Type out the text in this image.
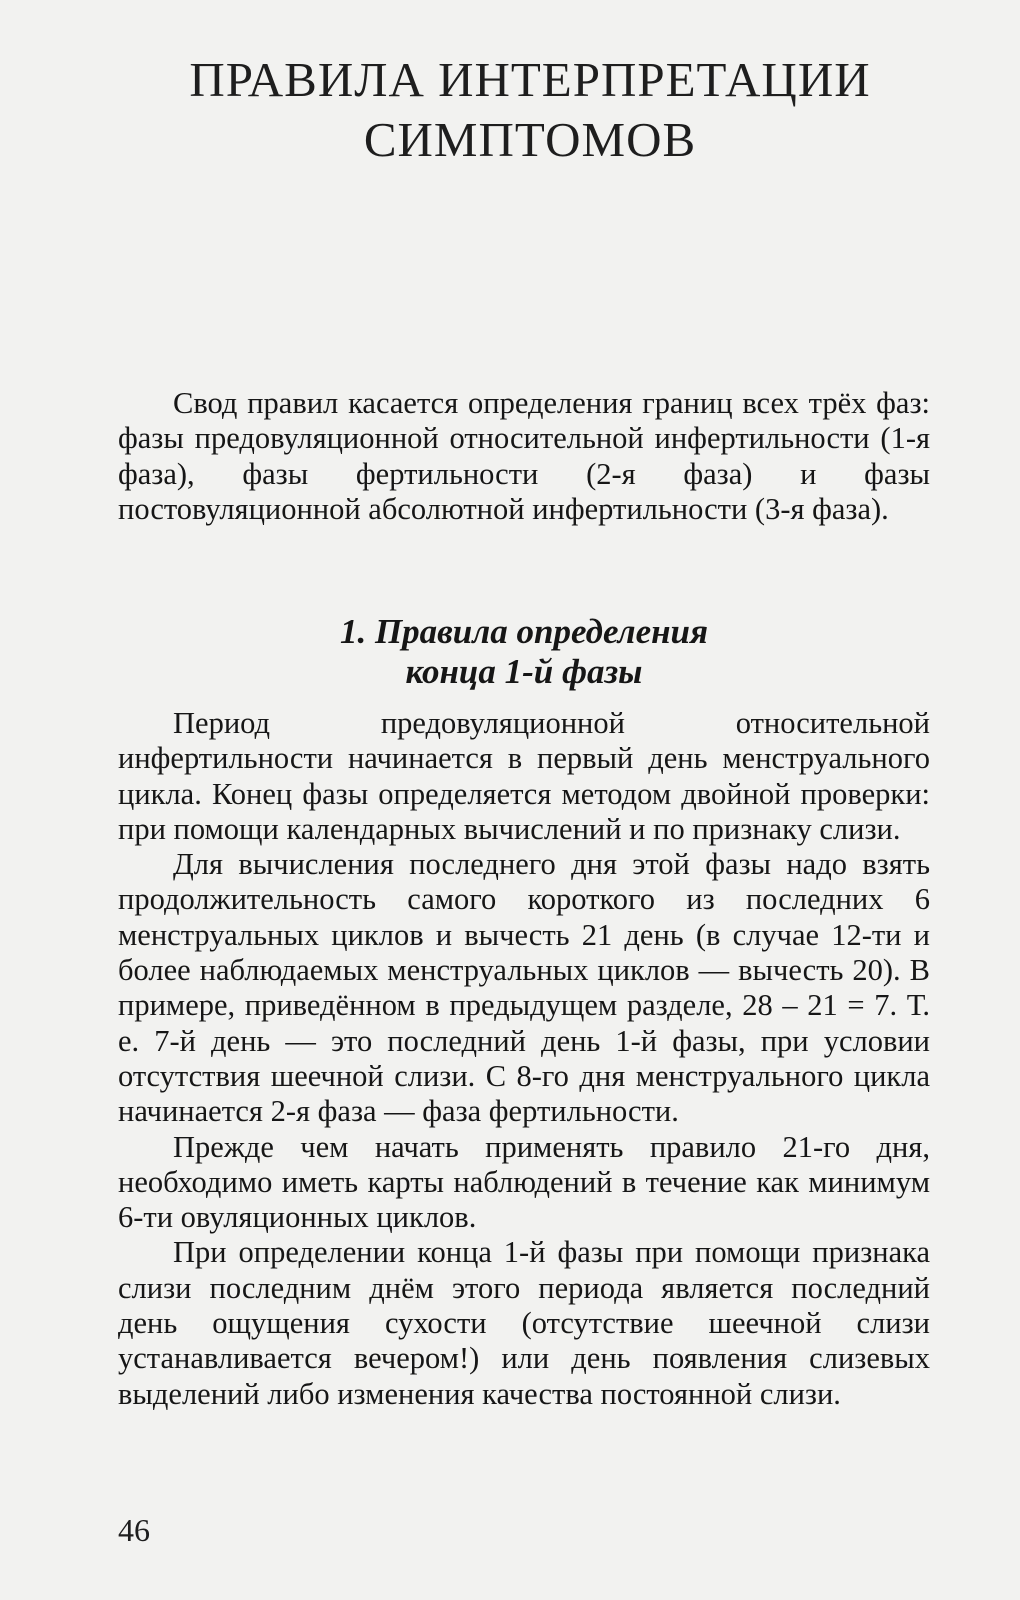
ПРАВИЛА ИНТЕРПРЕТАЦИИ
СИМПТОМОВ

Свод правил касается определения границ всех трёх фаз: фазы предовуляционной относительной инфертильности (1-я фаза), фазы фертильности (2-я фаза) и фазы постовуляционной абсолютной инфертильности (3-я фаза).

1. Правила определения
конца 1-й фазы

Период предовуляционной относительной инфертильности начинается в первый день менструального цикла. Конец фазы определяется методом двойной проверки: при помощи календарных вычислений и по признаку слизи.

Для вычисления последнего дня этой фазы надо взять продолжительность самого короткого из последних 6 менструальных циклов и вычесть 21 день (в случае 12-ти и более наблюдаемых менструальных циклов — вычесть 20). В примере, приведённом в предыдущем разделе, 28 – 21 = 7. Т. е. 7-й день — это последний день 1-й фазы, при условии отсутствия шеечной слизи. С 8-го дня менструального цикла начинается 2-я фаза — фаза фертильности.

Прежде чем начать применять правило 21-го дня, необходимо иметь карты наблюдений в течение как минимум 6-ти овуляционных циклов.

При определении конца 1-й фазы при помощи признака слизи последним днём этого периода является последний день ощущения сухости (отсутствие шеечной слизи устанавливается вечером!) или день появления слизевых выделений либо изменения качества постоянной слизи.

46
